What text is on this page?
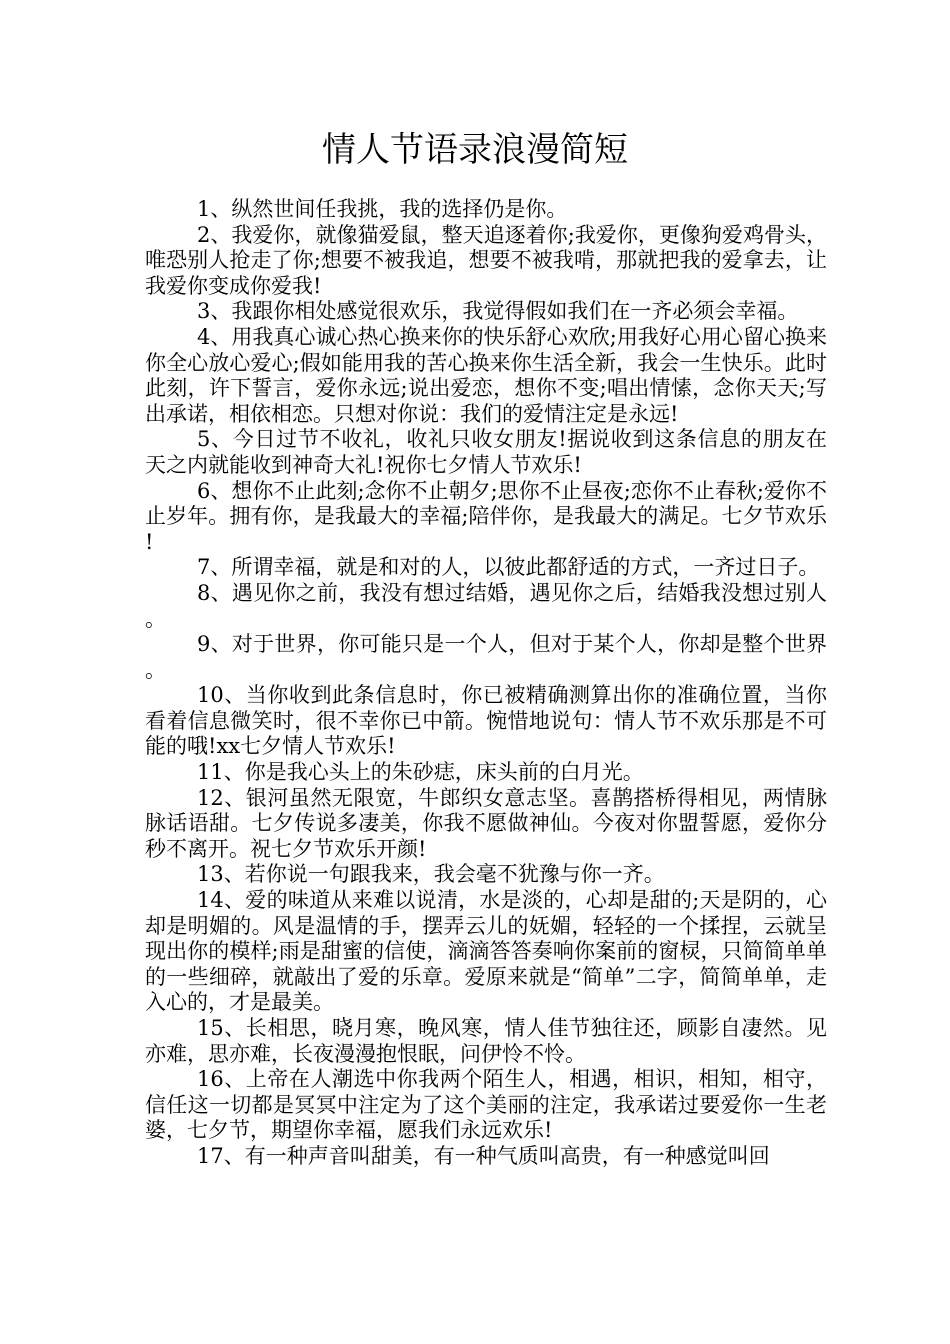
情人节语录浪漫简短

1、纵然世间任我挑，我的选择仍是你。

2、我爱你，就像猫爱鼠，整天追逐着你;我爱你，更像狗爱鸡骨头，唯恐别人抢走了你;想要不被我追，想要不被我啃，那就把我的爱拿去，让我爱你变成你爱我!

3、我跟你相处感觉很欢乐，我觉得假如我们在一齐必须会幸福。

4、用我真心诚心热心换来你的快乐舒心欢欣;用我好心用心留心换来你全心放心爱心;假如能用我的苦心换来你生活全新，我会一生快乐。此时此刻，许下誓言，爱你永远;说出爱恋，想你不变;唱出情愫，念你天天;写出承诺，相依相恋。只想对你说：我们的爱情注定是永远!

5、今日过节不收礼，收礼只收女朋友!据说收到这条信息的朋友在天之内就能收到神奇大礼!祝你七夕情人节欢乐!

6、想你不止此刻;念你不止朝夕;思你不止昼夜;恋你不止春秋;爱你不止岁年。拥有你，是我最大的幸福;陪伴你，是我最大的满足。七夕节欢乐!

7、所谓幸福，就是和对的人，以彼此都舒适的方式，一齐过日子。

8、遇见你之前，我没有想过结婚，遇见你之后，结婚我没想过别人。

9、对于世界，你可能只是一个人，但对于某个人，你却是整个世界。

10、当你收到此条信息时，你已被精确测算出你的准确位置，当你看着信息微笑时，很不幸你已中箭。惋惜地说句：情人节不欢乐那是不可能的哦!xx七夕情人节欢乐!

11、你是我心头上的朱砂痣，床头前的白月光。

12、银河虽然无限宽，牛郎织女意志坚。喜鹊搭桥得相见，两情脉脉话语甜。七夕传说多凄美，你我不愿做神仙。今夜对你盟誓愿，爱你分秒不离开。祝七夕节欢乐开颜!

13、若你说一句跟我来，我会毫不犹豫与你一齐。

14、爱的味道从来难以说清，水是淡的，心却是甜的;天是阴的，心却是明媚的。风是温情的手，摆弄云儿的妩媚，轻轻的一个揉捏，云就呈现出你的模样;雨是甜蜜的信使，滴滴答答奏响你案前的窗棂，只简简单单的一些细碎，就敲出了爱的乐章。爱原来就是“简单”二字，简简单单，走入心的，才是最美。

15、长相思，晓月寒，晚风寒，情人佳节独往还，顾影自凄然。见亦难，思亦难，长夜漫漫抱恨眠，问伊怜不怜。

16、上帝在人潮选中你我两个陌生人，相遇，相识，相知，相守，信任这一切都是冥冥中注定为了这个美丽的注定，我承诺过要爱你一生老婆，七夕节，期望你幸福，愿我们永远欢乐!

17、有一种声音叫甜美，有一种气质叫高贵，有一种感觉叫回
